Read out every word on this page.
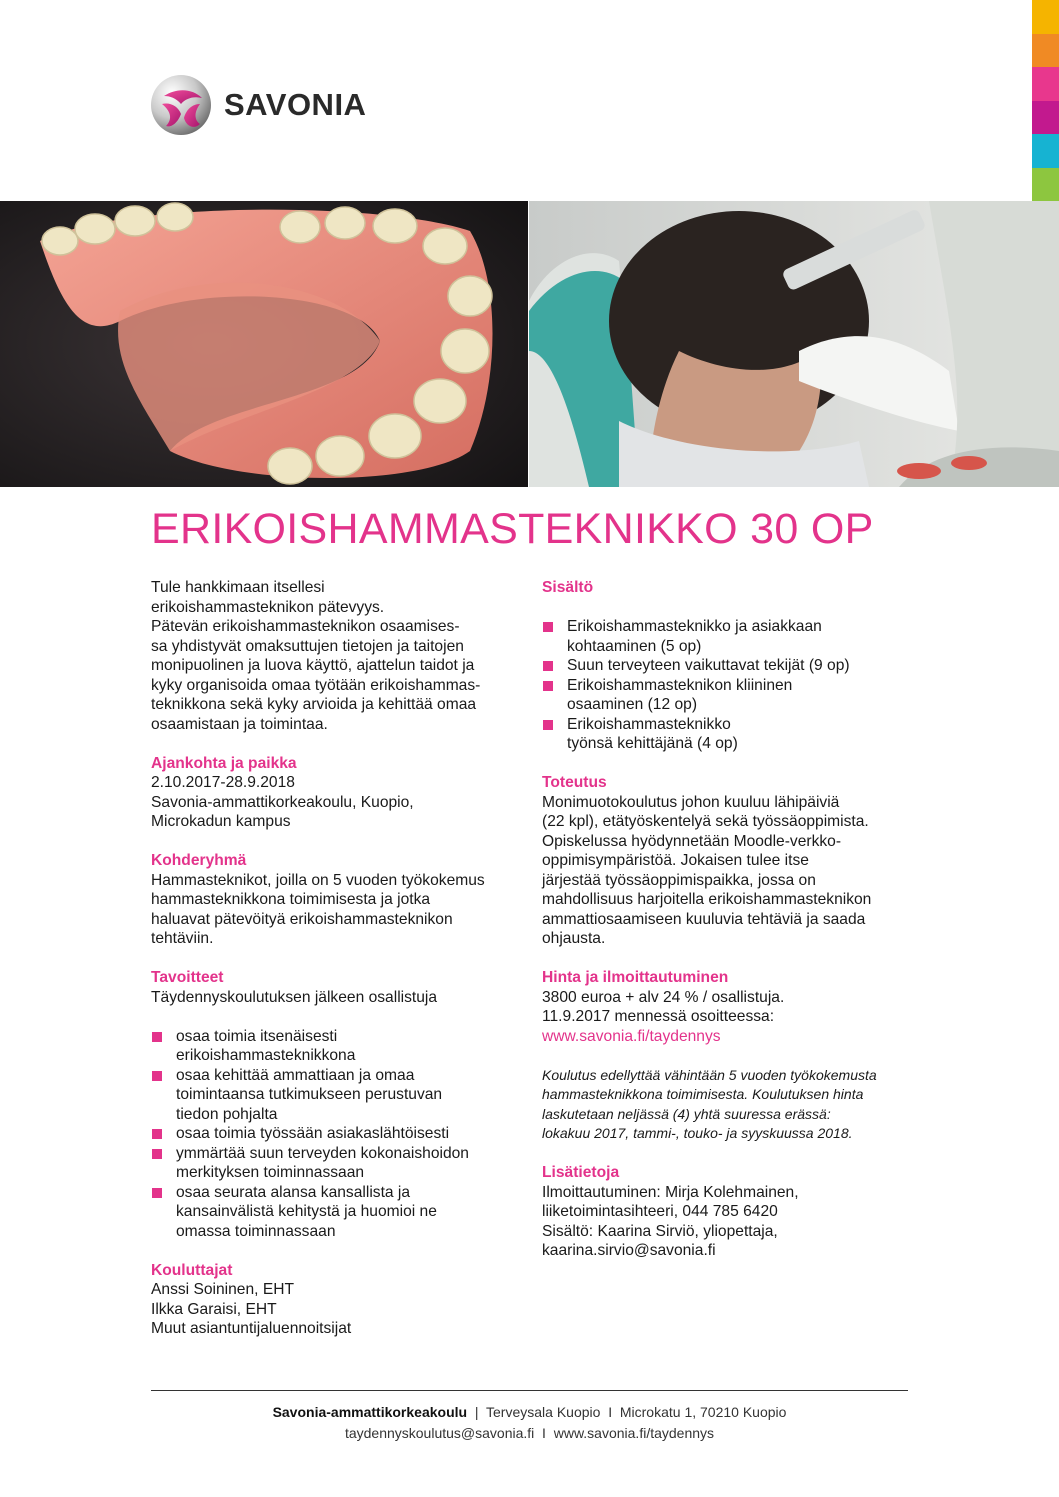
SAVONIA
ERIKOISHAMMASTEKNIKKO 30 OP

Tule hankkimaan itsellesi
erikoishammasteknikon pätevyys.
Pätevän erikoishammasteknikon osaamises-
sa yhdistyvät omaksuttujen tietojen ja taitojen
monipuolinen ja luova käyttö, ajattelun taidot ja
kyky organisoida omaa työtään erikoishammas-
teknikkona sekä kyky arvioida ja kehittää omaa
osaamistaan ja toimintaa.

Ajankohta ja paikka

2.10.2017-28.9.2018
Savonia-ammattikorkeakoulu, Kuopio,
Microkadun kampus

Kohderyhmä

Hammasteknikot, joilla on 5 vuoden työkokemus
hammasteknikkona toimimisesta ja jotka
haluavat pätevöityä erikoishammasteknikon
tehtäviin.

Tavoitteet

Täydennyskoulutuksen jälkeen osallistuja

osaa toimia itsenäisesti
erikoishammasteknikkona
osaa kehittää ammattiaan ja omaa
toimintaansa tutkimukseen perustuvan
tiedon pohjalta
osaa toimia työssään asiakaslähtöisesti
ymmärtää suun terveyden kokonaishoidon
merkityksen toiminnassaan
osaa seurata alansa kansallista ja
kansainvälistä kehitystä ja huomioi ne
omassa toiminnassaan

Kouluttajat

Anssi Soininen, EHT
Ilkka Garaisi, EHT
Muut asiantuntijaluennoitsijat

Sisältö

Erikoishammasteknikko ja asiakkaan
kohtaaminen (5 op)
Suun terveyteen vaikuttavat tekijät (9 op)
Erikoishammasteknikon kliininen
osaaminen (12 op)
Erikoishammasteknikko
työnsä kehittäjänä (4 op)

Toteutus

Monimuotokoulutus johon kuuluu lähipäiviä
(22 kpl), etätyöskentelyä sekä työssäoppimista.
Opiskelussa hyödynnetään Moodle-verkko-
oppimisympäristöä. Jokaisen tulee itse
järjestää työssäoppimispaikka, jossa on
mahdollisuus harjoitella erikoishammasteknikon
ammattiosaamiseen kuuluvia tehtäviä ja saada
ohjausta.

Hinta ja ilmoittautuminen

3800 euroa + alv 24 % / osallistuja.
11.9.2017 mennessä osoitteessa:

www.savonia.fi/taydennys

Koulutus edellyttää vähintään 5 vuoden työkokemusta
hammasteknikkona toimimisesta. Koulutuksen hinta
laskutetaan neljässä (4) yhtä suuressa erässä:
lokakuu 2017, tammi-, touko- ja syyskuussa 2018.

Lisätietoja

Ilmoittautuminen: Mirja Kolehmainen,
liiketoimintasihteeri, 044 785 6420
Sisältö: Kaarina Sirviö, yliopettaja,
kaarina.sirvio@savonia.fi

Savonia-ammattikorkeakoulu  |  Terveysala Kuopio  I  Microkatu 1, 70210 Kuopio
taydennyskoulutus@savonia.fi  I  www.savonia.fi/taydennys
